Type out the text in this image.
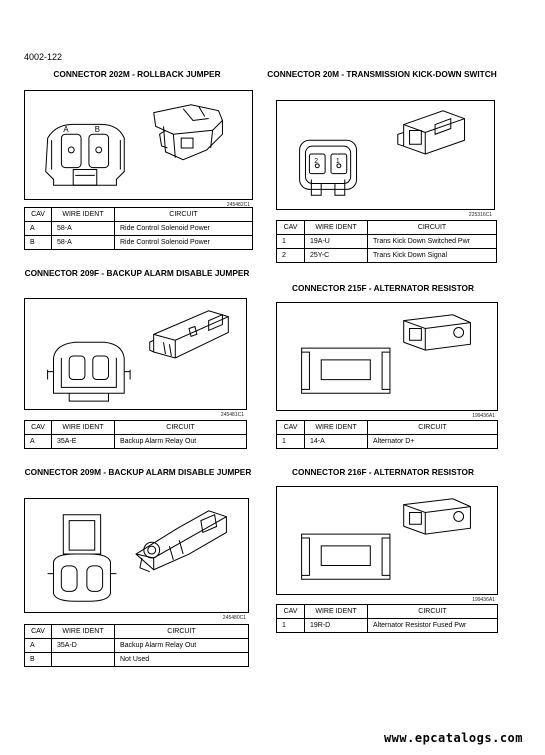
4002-122
CONNECTOR 202M - ROLLBACK JUMPER
A	B
245482C1
CAV	WIRE IDENT	CIRCUIT
A	58-A	Ride Control Solenoid Power
B	58-A	Ride Control Solenoid Power
CONNECTOR 20M - TRANSMISSION KICK-DOWN SWITCH
2	1
225316C1
CAV	WIRE IDENT	CIRCUIT
1	19A-U	Trans Kick Down Switched Pwr
2	25Y-C	Trans Kick Down Signal
CONNECTOR 209F - BACKUP ALARM DISABLE JUMPER
245481C1
CAV	WIRE IDENT	CIRCUIT
A	35A-E	Backup Alarm Relay Out
CONNECTOR 215F - ALTERNATOR RESISTOR
199436A1
CAV	WIRE IDENT	CIRCUIT
1	14-A	Alternator D+
CONNECTOR 209M - BACKUP ALARM DISABLE JUMPER
245480C1
CAV	WIRE IDENT	CIRCUIT
A	35A-D	Backup Alarm Relay Out
B		Not Used
CONNECTOR 216F - ALTERNATOR RESISTOR
199436A1
CAV	WIRE IDENT	CIRCUIT
1	19R-D	Alternator Resistor Fused Pwr
www.epcatalogs.com
